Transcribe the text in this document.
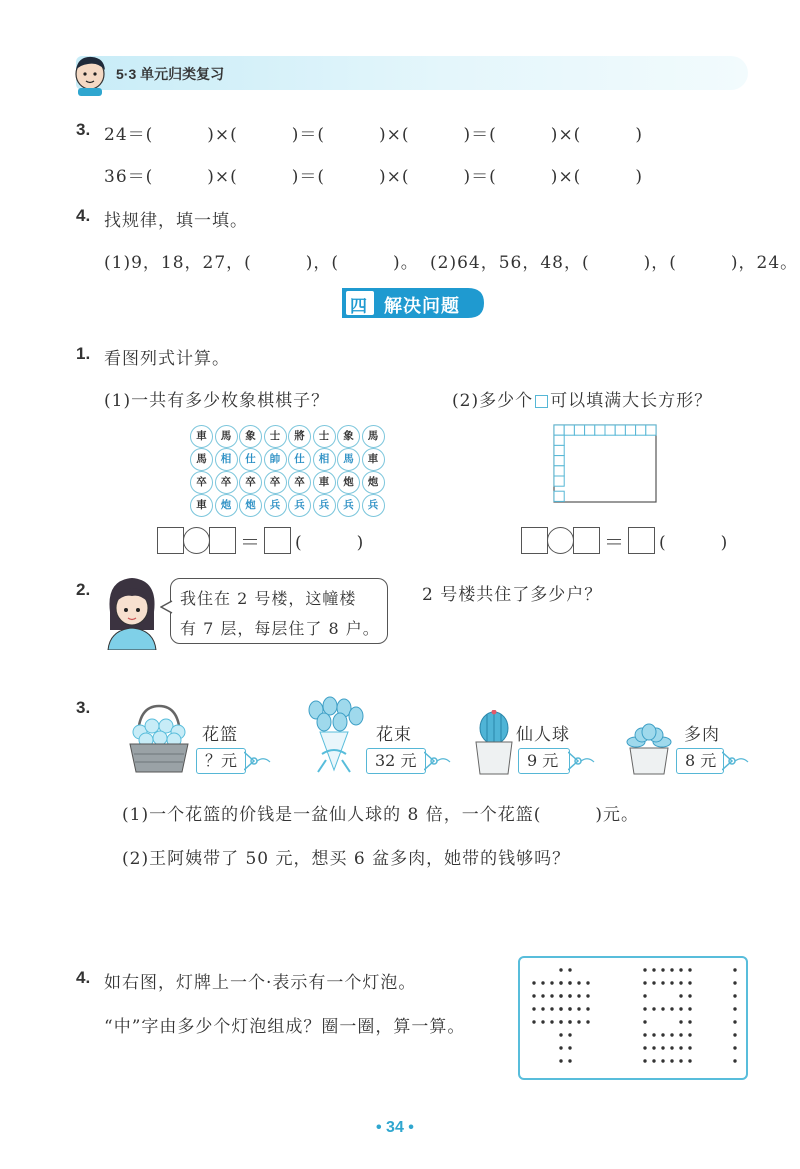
5·3 单元归类复习
3. 24＝(　　　)×(　　　)＝(　　　)×(　　　)＝(　　　)×(　　　)
36＝(　　　)×(　　　)＝(　　　)×(　　　)＝(　　　)×(　　　)
4. 找规律，填一填。
(1)9，18，27，(　　　)，(　　　)。 (2)64，56，48，(　　　)，(　　　)，24。
四 解决问题
1. 看图列式计算。
(1)一共有多少枚象棋棋子？	(2)多少个 可以填满大长方形？
車 馬 象 士 將 士 象 馬
馬 相 仕 帥 仕 相 馬 車
卒 卒 卒 卒 卒 車 炮 炮
車 炮 炮 兵 兵 兵 兵 兵
＝ (　　　)	＝ (　　　)
2.	我住在 2 号楼，这幢楼
有 7 层，每层住了 8 户。
2 号楼共住了多少户？
3.
花篮
？元
花束
32 元
仙人球
9 元
多肉
8 元
(1)一个花篮的价钱是一盆仙人球的 8 倍，一个花篮(　　　)元。
(2)王阿姨带了 50 元，想买 6 盆多肉，她带的钱够吗？
4. 如右图，灯牌上一个·表示有一个灯泡。
“中”字由多少个灯泡组成？圈一圈，算一算。
• 34 •
